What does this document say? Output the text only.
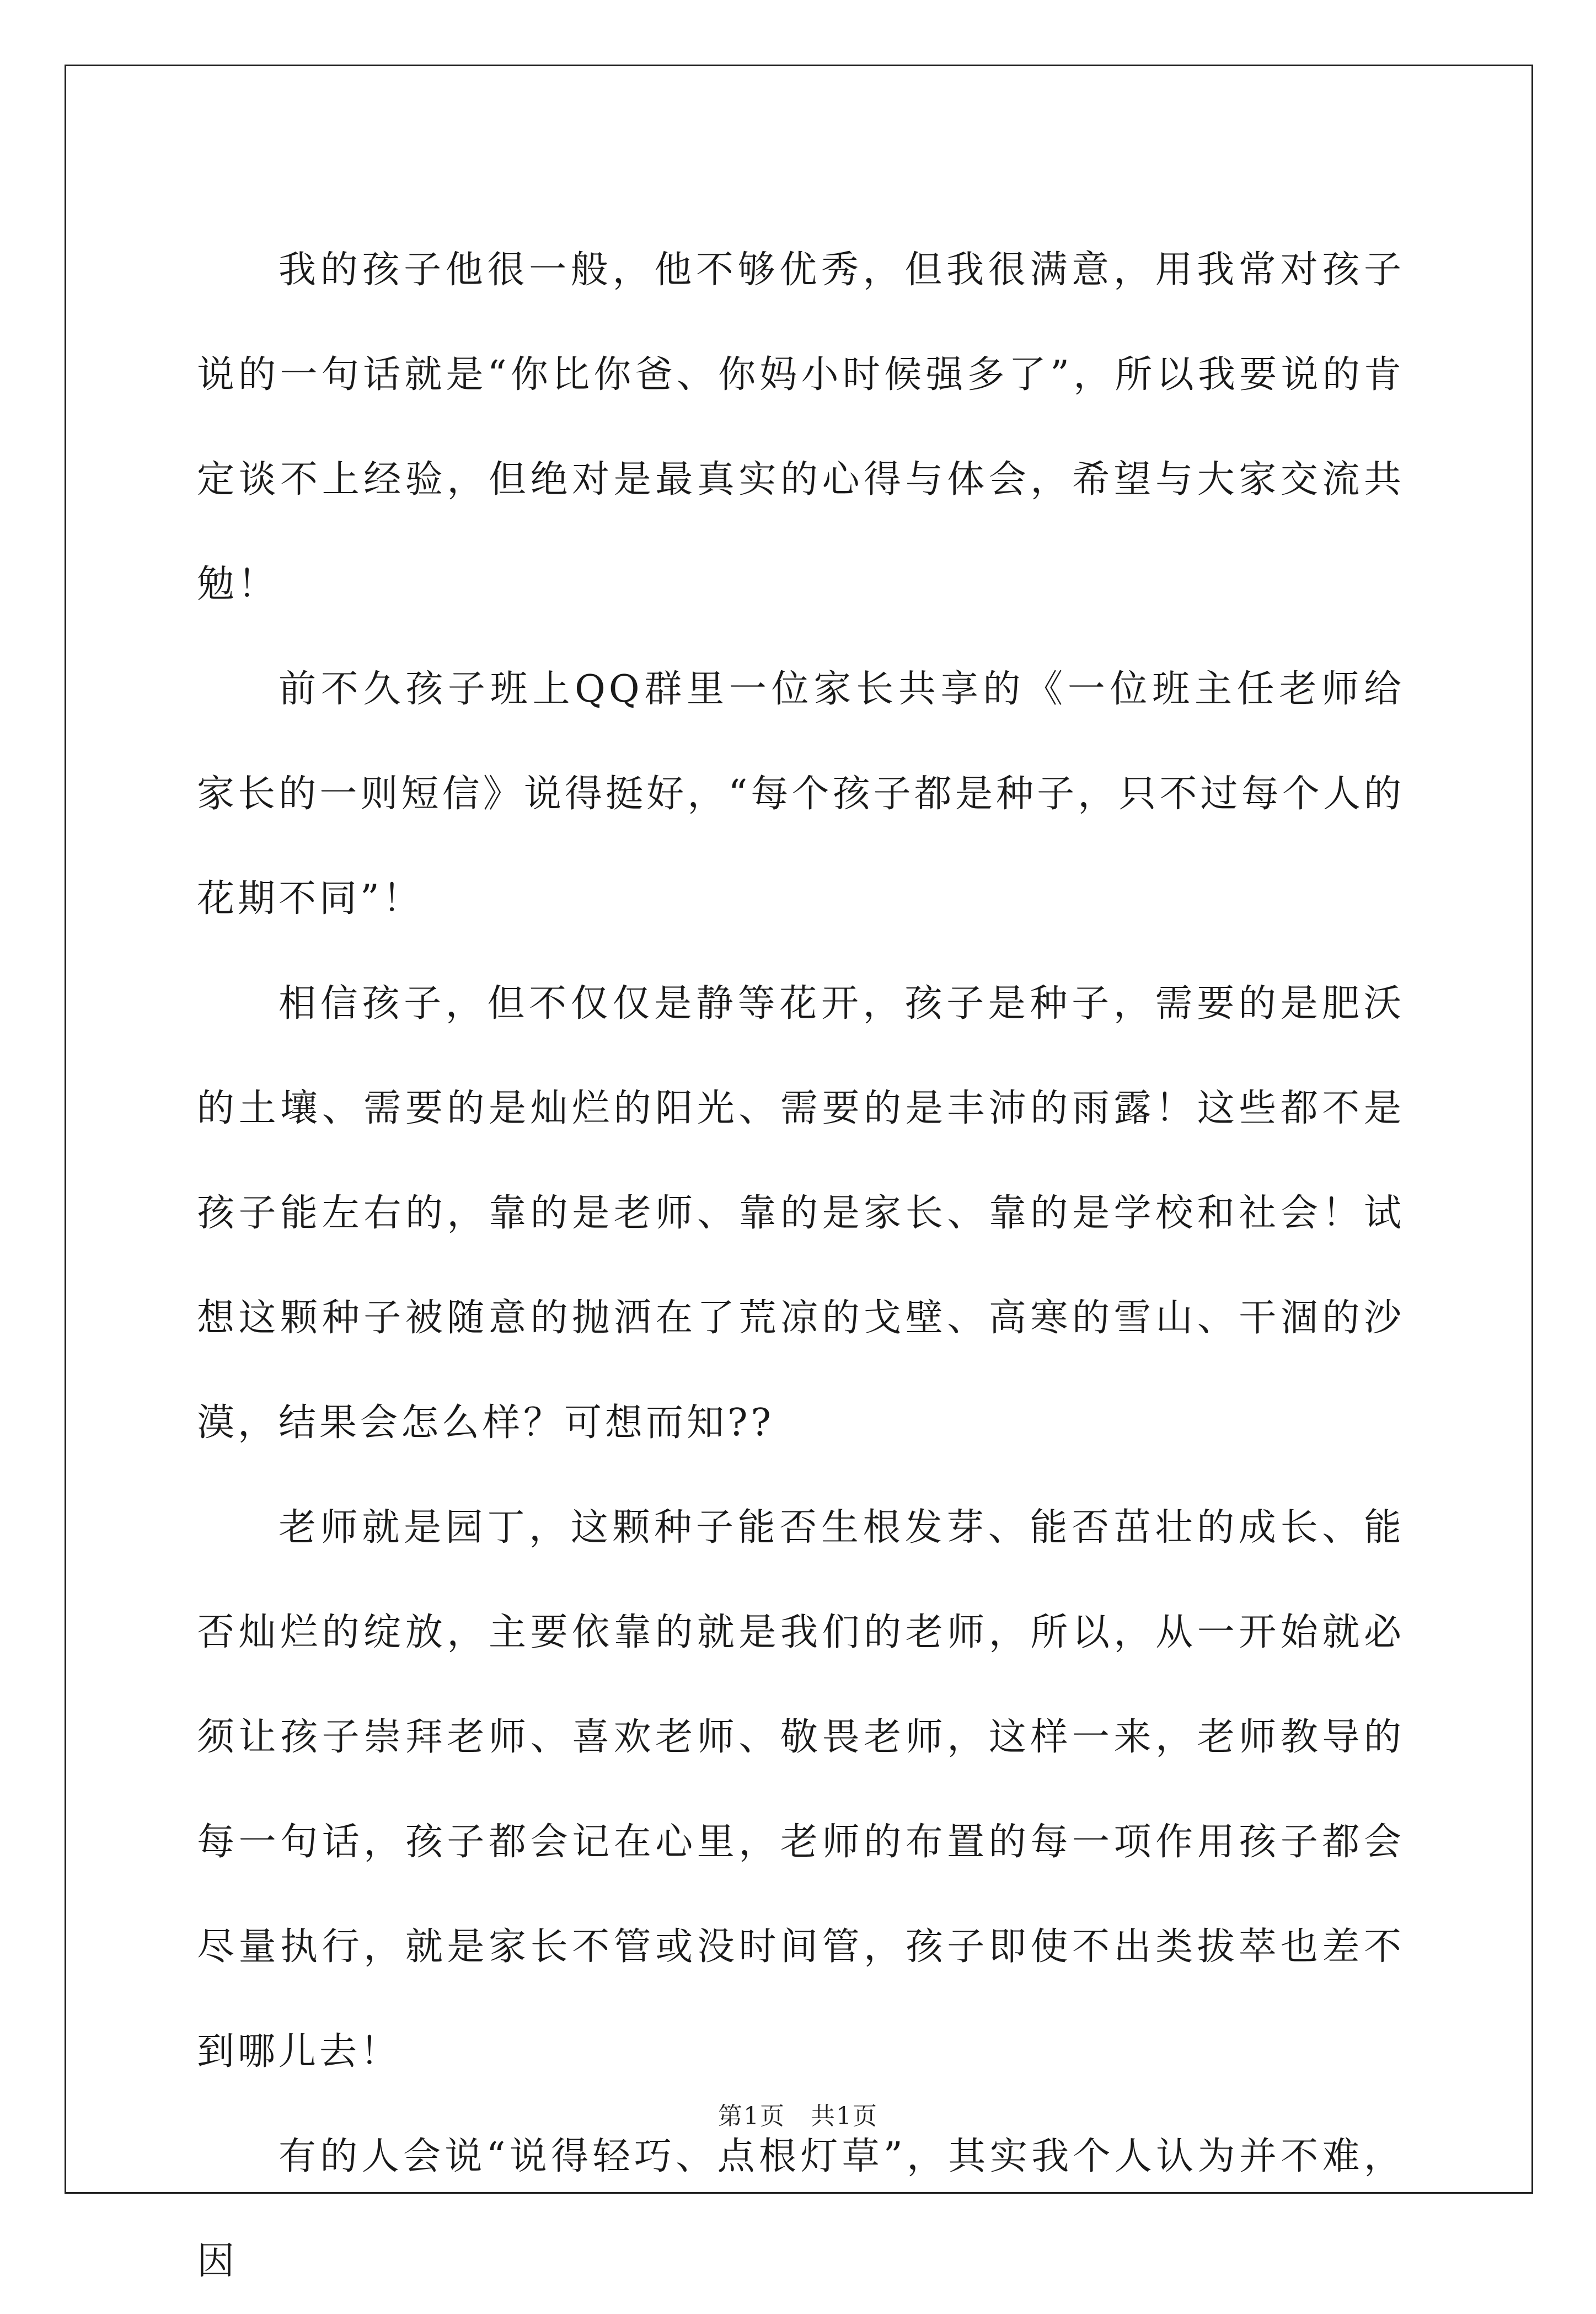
我的孩子他很一般，他不够优秀，但我很满意，用我常对孩子说的一句话就是“你比你爸、你妈小时候强多了”，所以我要说的肯定谈不上经验，但绝对是最真实的心得与体会，希望与大家交流共勉！

前不久孩子班上QQ群里一位家长共享的《一位班主任老师给家长的一则短信》说得挺好，“每个孩子都是种子，只不过每个人的花期不同”！

相信孩子，但不仅仅是静等花开，孩子是种子，需要的是肥沃的土壤、需要的是灿烂的阳光、需要的是丰沛的雨露！这些都不是孩子能左右的，靠的是老师、靠的是家长、靠的是学校和社会！试想这颗种子被随意的抛洒在了荒凉的戈壁、高寒的雪山、干涸的沙漠，结果会怎么样？可想而知??

老师就是园丁，这颗种子能否生根发芽、能否茁壮的成长、能否灿烂的绽放，主要依靠的就是我们的老师，所以，从一开始就必须让孩子崇拜老师、喜欢老师、敬畏老师，这样一来，老师教导的每一句话，孩子都会记在心里，老师的布置的每一项作用孩子都会尽量执行，就是家长不管或没时间管，孩子即使不出类拔萃也差不到哪儿去！

有的人会说“说得轻巧、点根灯草”，其实我个人认为并不难，因

第1页 共1页
